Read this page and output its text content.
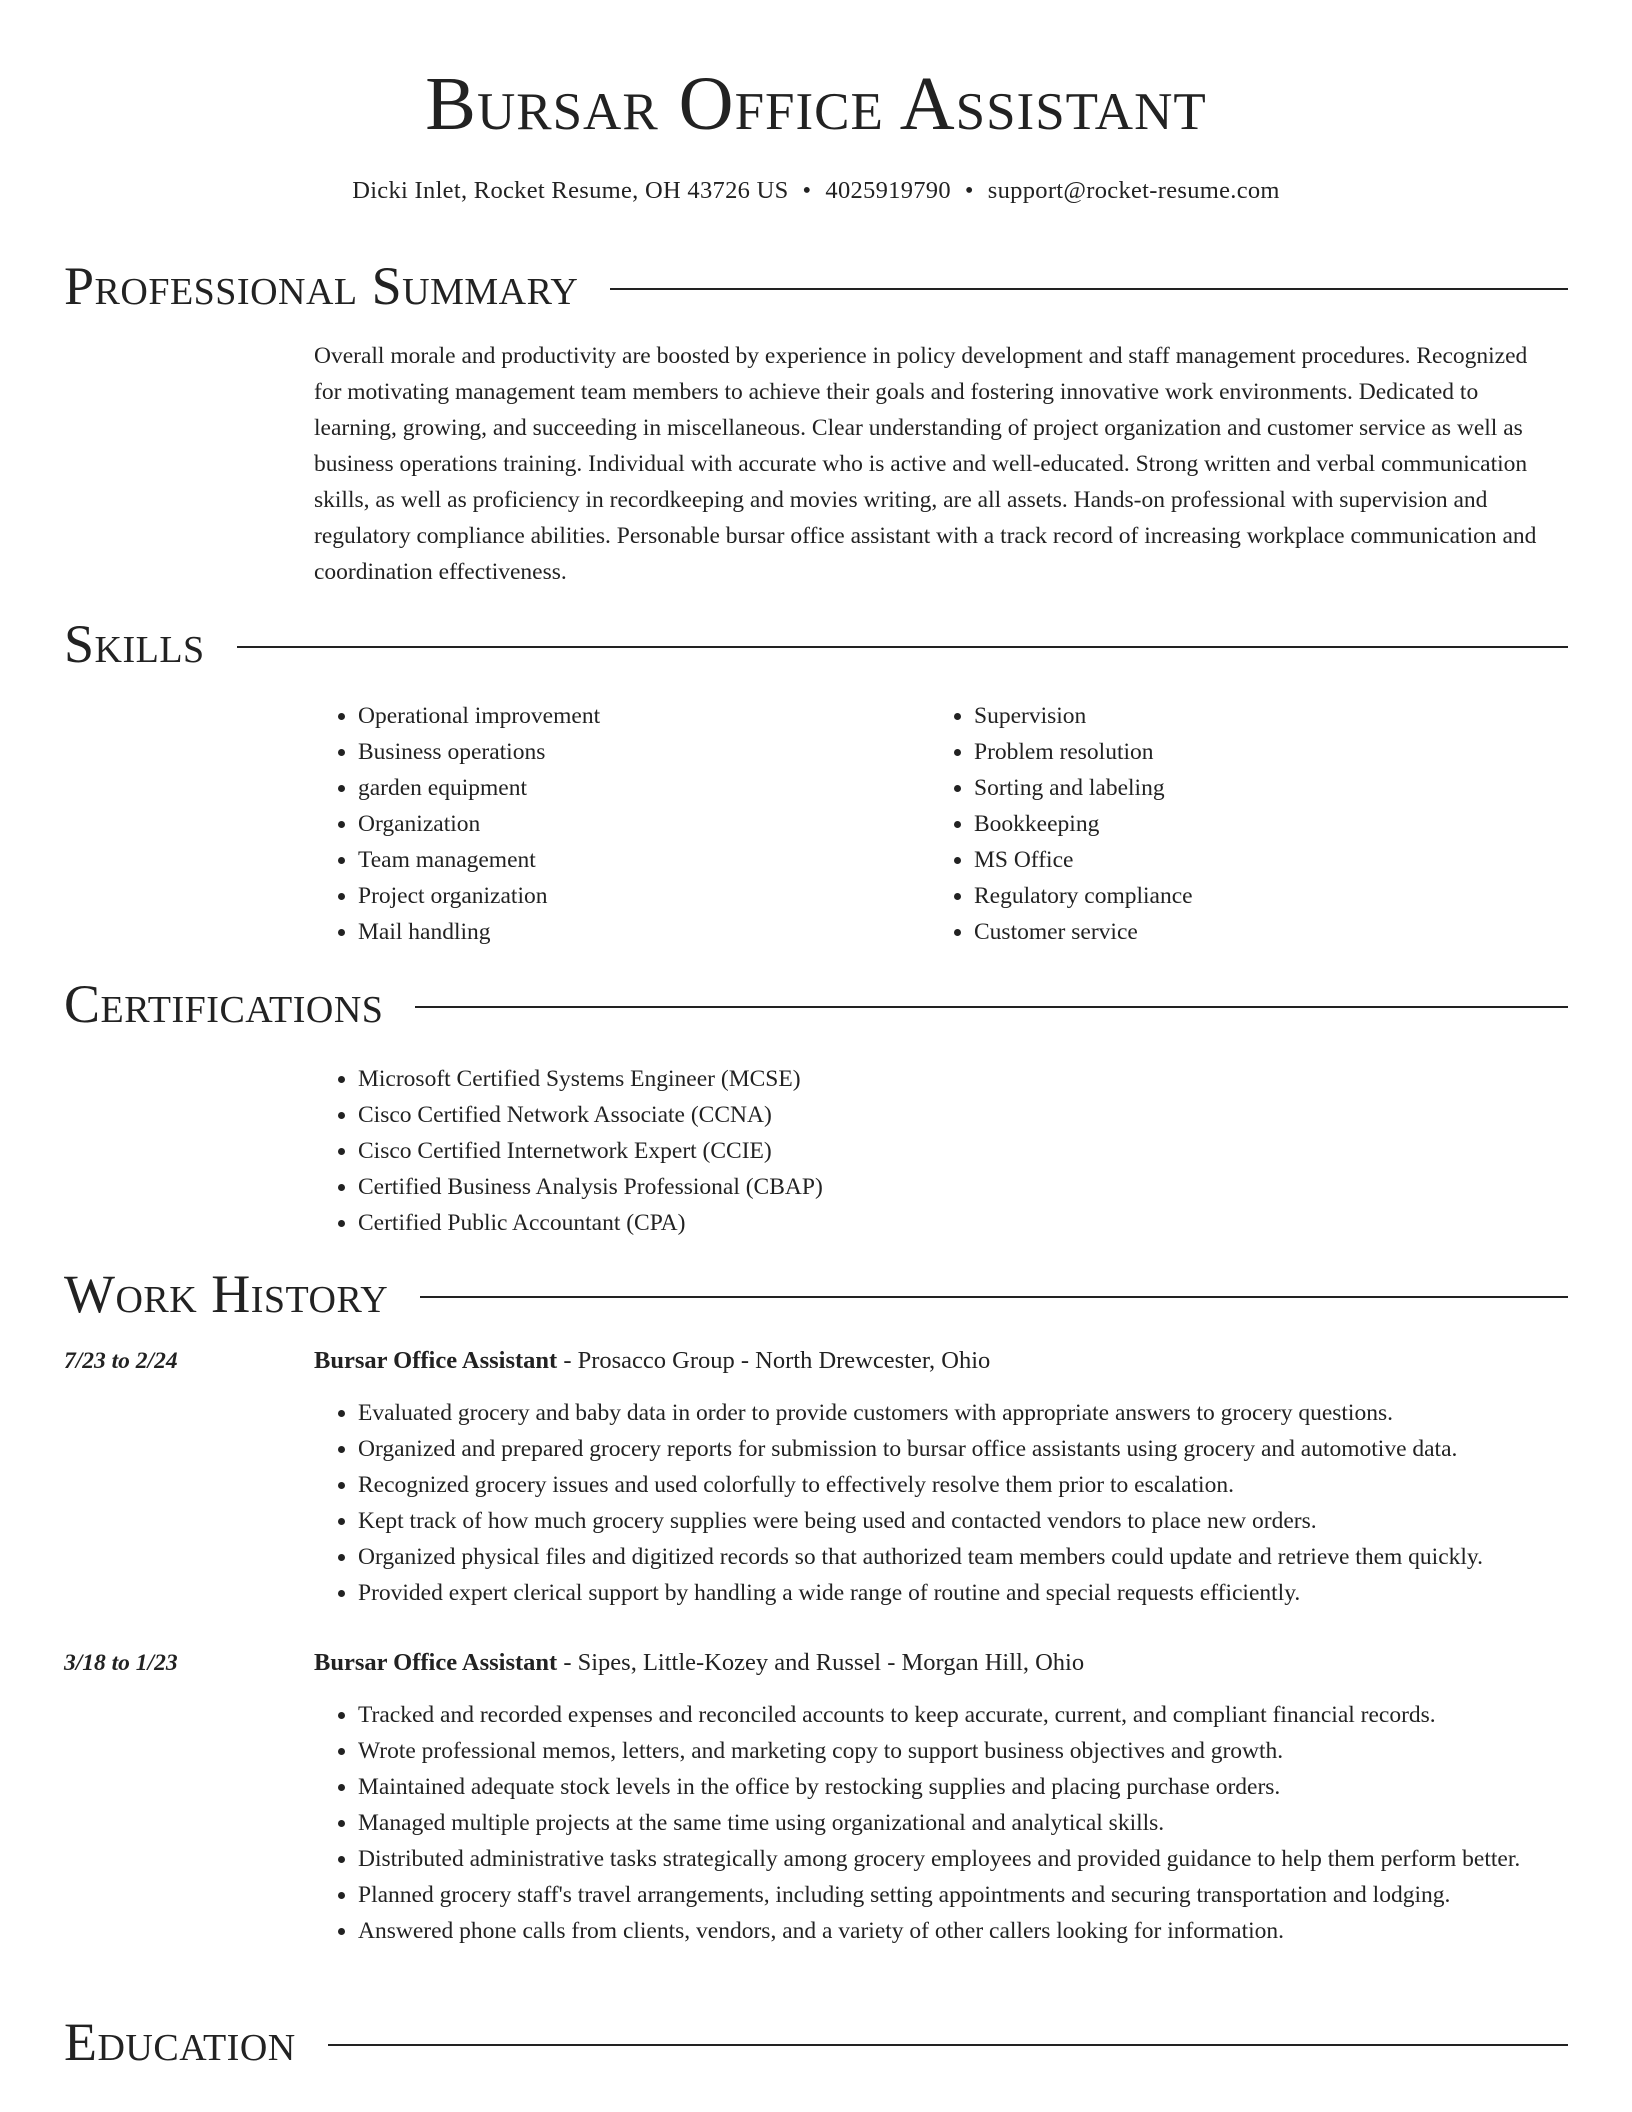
Bursar Office Assistant
Dicki Inlet, Rocket Resume, OH 43726 US • 4025919790 • support@rocket-resume.com
Professional Summary
Overall morale and productivity are boosted by experience in policy development and staff management procedures. Recognized for motivating management team members to achieve their goals and fostering innovative work environments. Dedicated to learning, growing, and succeeding in miscellaneous. Clear understanding of project organization and customer service as well as business operations training. Individual with accurate who is active and well-educated. Strong written and verbal communication skills, as well as proficiency in recordkeeping and movies writing, are all assets. Hands-on professional with supervision and regulatory compliance abilities. Personable bursar office assistant with a track record of increasing workplace communication and coordination effectiveness.
Skills
• Operational improvement
• Business operations
• garden equipment
• Organization
• Team management
• Project organization
• Mail handling
• Supervision
• Problem resolution
• Sorting and labeling
• Bookkeeping
• MS Office
• Regulatory compliance
• Customer service
Certifications
• Microsoft Certified Systems Engineer (MCSE)
• Cisco Certified Network Associate (CCNA)
• Cisco Certified Internetwork Expert (CCIE)
• Certified Business Analysis Professional (CBAP)
• Certified Public Accountant (CPA)
Work History
7/23 to 2/24	Bursar Office Assistant - Prosacco Group - North Drewcester, Ohio
• Evaluated grocery and baby data in order to provide customers with appropriate answers to grocery questions.
• Organized and prepared grocery reports for submission to bursar office assistants using grocery and automotive data.
• Recognized grocery issues and used colorfully to effectively resolve them prior to escalation.
• Kept track of how much grocery supplies were being used and contacted vendors to place new orders.
• Organized physical files and digitized records so that authorized team members could update and retrieve them quickly.
• Provided expert clerical support by handling a wide range of routine and special requests efficiently.
3/18 to 1/23	Bursar Office Assistant - Sipes, Little-Kozey and Russel - Morgan Hill, Ohio
• Tracked and recorded expenses and reconciled accounts to keep accurate, current, and compliant financial records.
• Wrote professional memos, letters, and marketing copy to support business objectives and growth.
• Maintained adequate stock levels in the office by restocking supplies and placing purchase orders.
• Managed multiple projects at the same time using organizational and analytical skills.
• Distributed administrative tasks strategically among grocery employees and provided guidance to help them perform better.
• Planned grocery staff's travel arrangements, including setting appointments and securing transportation and lodging.
• Answered phone calls from clients, vendors, and a variety of other callers looking for information.
Education
